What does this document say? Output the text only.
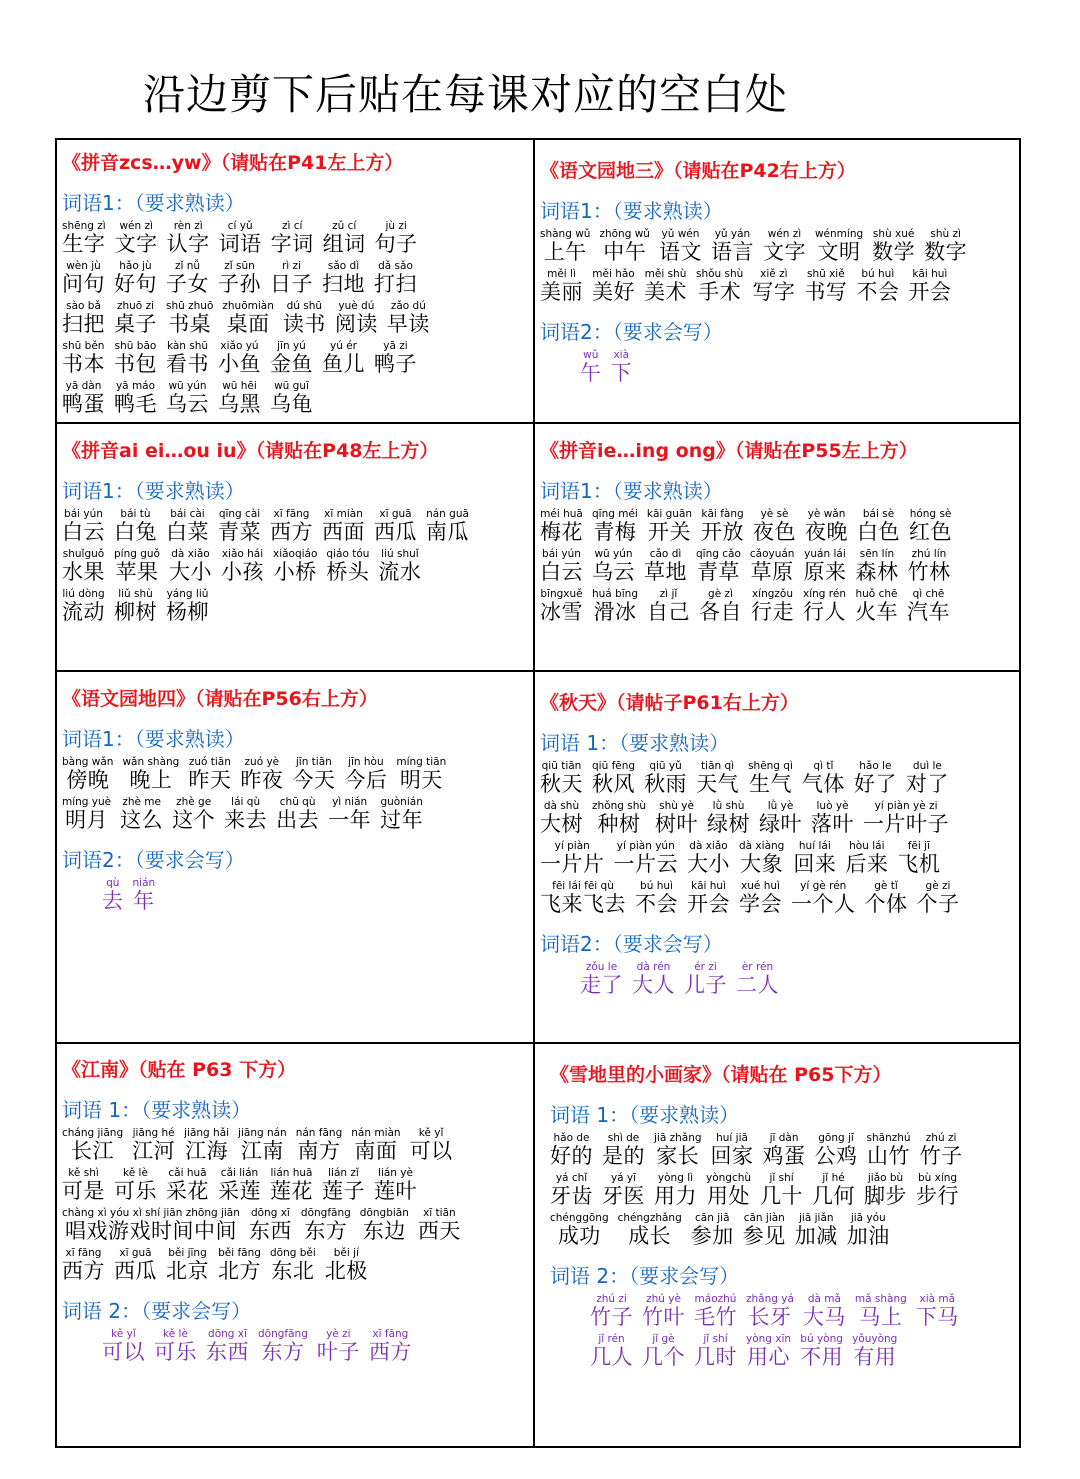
沿边剪下后贴在每课对应的空白处
《拼音zcs…yw》（请贴在P41左上方）
词语1：（要求熟读）
shēng zì
生字
wén zì
文字
rèn zì
认字
cí yǔ
词语
zì cí
字词
zǔ cí
组词
jù zi
句子
wèn jù
问句
hǎo jù
好句
zǐ nǚ
子女
zǐ sūn
子孙
rì zi
日子
sǎo dì
扫地
dǎ sǎo
打扫
sào bǎ
扫把
zhuō zi
桌子
shū zhuō
书桌
zhuōmiàn
桌面
dú shū
读书
yuè dú
阅读
zǎo dú
早读
shū běn
书本
shū bāo
书包
kàn shū
看书
xiǎo yú
小鱼
jīn yú
金鱼
yú ér
鱼儿
yā zi
鸭子
yā dàn
鸭蛋
yā máo
鸭毛
wū yún
乌云
wū hēi
乌黑
wū guī
乌龟
《语文园地三》（请贴在P42右上方）
词语1：（要求熟读）
shàng wǔ
上午
zhōng wǔ
中午
yǔ wén
语文
yǔ yán
语言
wén zì
文字
wénmíng
文明
shù xué
数学
shù zì
数字
měi lì
美丽
měi hǎo
美好
měi shù
美术
shǒu shù
手术
xiě zì
写字
shū xiě
书写
bú huì
不会
kāi huì
开会
词语2：（要求会写）
wǔ
午
xià
下
《拼音ai ei…ou iu》（请贴在P48左上方）
词语1：（要求熟读）
bái yún
白云
bái tù
白兔
bái cài
白菜
qīng cài
青菜
xī fāng
西方
xī miàn
西面
xī guā
西瓜
nán guā
南瓜
shuǐguǒ
水果
píng guǒ
苹果
dà xiǎo
大小
xiǎo hái
小孩
xiǎoqiáo
小桥
qiáo tóu
桥头
liú shuǐ
流水
liú dòng
流动
liǔ shù
柳树
yáng liǔ
杨柳
《拼音ie…ing ong》（请贴在P55左上方）
词语1：（要求熟读）
méi huā
梅花
qīng méi
青梅
kāi guān
开关
kāi fàng
开放
yè sè
夜色
yè wǎn
夜晚
bái sè
白色
hóng sè
红色
bái yún
白云
wū yún
乌云
cǎo dì
草地
qīng cǎo
青草
cǎoyuán
草原
yuán lái
原来
sēn lín
森林
zhú lín
竹林
bīngxuě
冰雪
huá bīng
滑冰
zì jǐ
自己
gè zì
各自
xíngzǒu
行走
xíng rén
行人
huǒ chē
火车
qì chē
汽车
《语文园地四》（请贴在P56右上方）
词语1：（要求熟读）
bàng wǎn
傍晚
wǎn shàng
晚上
zuó tiān
昨天
zuó yè
昨夜
jīn tiān
今天
jīn hòu
今后
míng tiān
明天
míng yuè
明月
zhè me
这么
zhè ge
这个
lái qù
来去
chū qù
出去
yì nián
一年
guònián
过年
词语2：（要求会写）
qù
去
nián
年
《秋天》（请帖子P61右上方）
词语 1：（要求熟读）
qiū tiān
秋天
qiū fēng
秋风
qiū yǔ
秋雨
tiān qì
天气
shēng qì
生气
qì tǐ
气体
hǎo le
好了
duì le
对了
dà shù
大树
zhǒng shù
种树
shù yè
树叶
lǜ shù
绿树
lǜ yè
绿叶
luò yè
落叶
yí piàn yè zi
一片叶子
yí piàn
一片片
yí piàn yún
一片云
dà xiǎo
大小
dà xiàng
大象
huí lái
回来
hòu lái
后来
fēi jī
飞机
fēi lái fēi qù
飞来飞去
bú huì
不会
kāi huì
开会
xué huì
学会
yí gè rén
一个人
gè tǐ
个体
gè zi
个子
词语2：（要求会写）
zǒu le
走了
dà rén
大人
ér zi
儿子
èr rén
二人
《江南》（贴在 P63 下方）
词语 1：（要求熟读）
cháng jiāng
长江
jiāng hé
江河
jiāng hǎi
江海
jiāng nán
江南
nán fāng
南方
nán miàn
南面
kě yǐ
可以
kě shì
可是
kě lè
可乐
cǎi huā
采花
cǎi lián
采莲
lián huā
莲花
lián zǐ
莲子
lián yè
莲叶
chàng xì yóu xì shí jiān zhōng jiān
唱戏游戏时间中间
dōng xī
东西
dōngfāng
东方
dōngbiān
东边
xī tiān
西天
xī fāng
西方
xī guā
西瓜
běi jīng
北京
běi fāng
北方
dōng běi
东北
běi jí
北极
词语 2：（要求会写）
kě yǐ
可以
kě lè
可乐
dōng xī
东西
dōngfāng
东方
yè zi
叶子
xī fāng
西方
《雪地里的小画家》（请贴在 P65下方）
词语 1：（要求熟读）
hǎo de
好的
shì de
是的
jiā zhǎng
家长
huí jiā
回家
jī dàn
鸡蛋
gōng jī
公鸡
shānzhú
山竹
zhú zi
竹子
yá chǐ
牙齿
yá yī
牙医
yòng lì
用力
yòngchù
用处
jǐ shí
几十
jǐ hé
几何
jiǎo bù
脚步
bù xíng
步行
chénggōng
成功
chéngzhǎng
成长
cān jiā
参加
cān jiàn
参见
jiā jiǎn
加减
jiā yóu
加油
词语 2：（要求会写）
zhú zi
竹子
zhú yè
竹叶
máozhú
毛竹
zhǎng yá
长牙
dà mǎ
大马
mǎ shàng
马上
xià mǎ
下马
jǐ rén
几人
jǐ gè
几个
jǐ shí
几时
yòng xīn
用心
bú yòng
不用
yǒuyòng
有用
